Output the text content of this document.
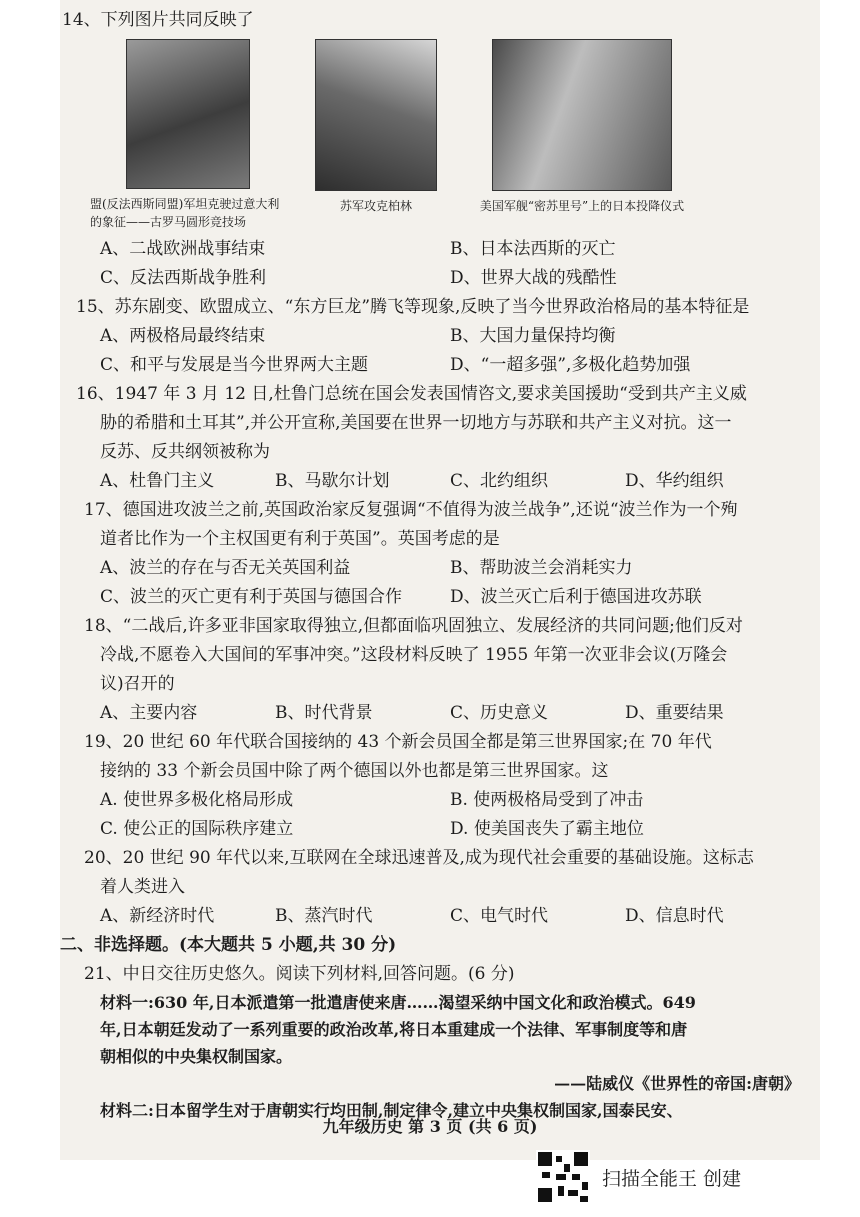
14、下列图片共同反映了

盟(反法西斯同盟)军坦克驶过意大利的象征——古罗马圆形竞技场
苏军攻克柏林	美国军舰“密苏里号”上的日本投降仪式
A、二战欧洲战事结束	B、日本法西斯的灭亡
C、反法西斯战争胜利	D、世界大战的残酷性

15、苏东剧变、欧盟成立、“东方巨龙”腾飞等现象,反映了当今世界政治格局的基本特征是

A、两极格局最终结束	B、大国力量保持均衡
C、和平与发展是当今世界两大主题	D、“一超多强”,多极化趋势加强

16、1947 年 3 月 12 日,杜鲁门总统在国会发表国情咨文,要求美国援助“受到共产主义威

胁的希腊和土耳其”,并公开宣称,美国要在世界一切地方与苏联和共产主义对抗。这一

反苏、反共纲领被称为

A、杜鲁门主义	B、马歇尔计划	C、北约组织	D、华约组织

17、德国进攻波兰之前,英国政治家反复强调“不值得为波兰战争”,还说“波兰作为一个殉

道者比作为一个主权国更有利于英国”。英国考虑的是

A、波兰的存在与否无关英国利益	B、帮助波兰会消耗实力
C、波兰的灭亡更有利于英国与德国合作	D、波兰灭亡后利于德国进攻苏联

18、“二战后,许多亚非国家取得独立,但都面临巩固独立、发展经济的共同问题;他们反对

冷战,不愿卷入大国间的军事冲突。”这段材料反映了 1955 年第一次亚非会议(万隆会

议)召开的

A、主要内容	B、时代背景	C、历史意义	D、重要结果

19、20 世纪 60 年代联合国接纳的 43 个新会员国全都是第三世界国家;在 70 年代

接纳的 33 个新会员国中除了两个德国以外也都是第三世界国家。这

A. 使世界多极化格局形成	B. 使两极格局受到了冲击
C. 使公正的国际秩序建立	D. 使美国丧失了霸主地位

20、20 世纪 90 年代以来,互联网在全球迅速普及,成为现代社会重要的基础设施。这标志

着人类进入

A、新经济时代	B、蒸汽时代	C、电气时代	D、信息时代

二、非选择题。(本大题共 5 小题,共 30 分)

21、中日交往历史悠久。阅读下列材料,回答问题。(6 分)

材料一:630 年,日本派遣第一批遣唐使来唐……渴望采纳中国文化和政治模式。649
年,日本朝廷发动了一系列重要的政治改革,将日本重建成一个法律、军事制度等和唐
朝相似的中央集权制国家。
——陆威仪《世界性的帝国:唐朝》
材料二:日本留学生对于唐朝实行均田制,制定律令,建立中央集权制国家,国泰民安、
九年级历史 第 3 页 (共 6 页)
扫描全能王 创建
